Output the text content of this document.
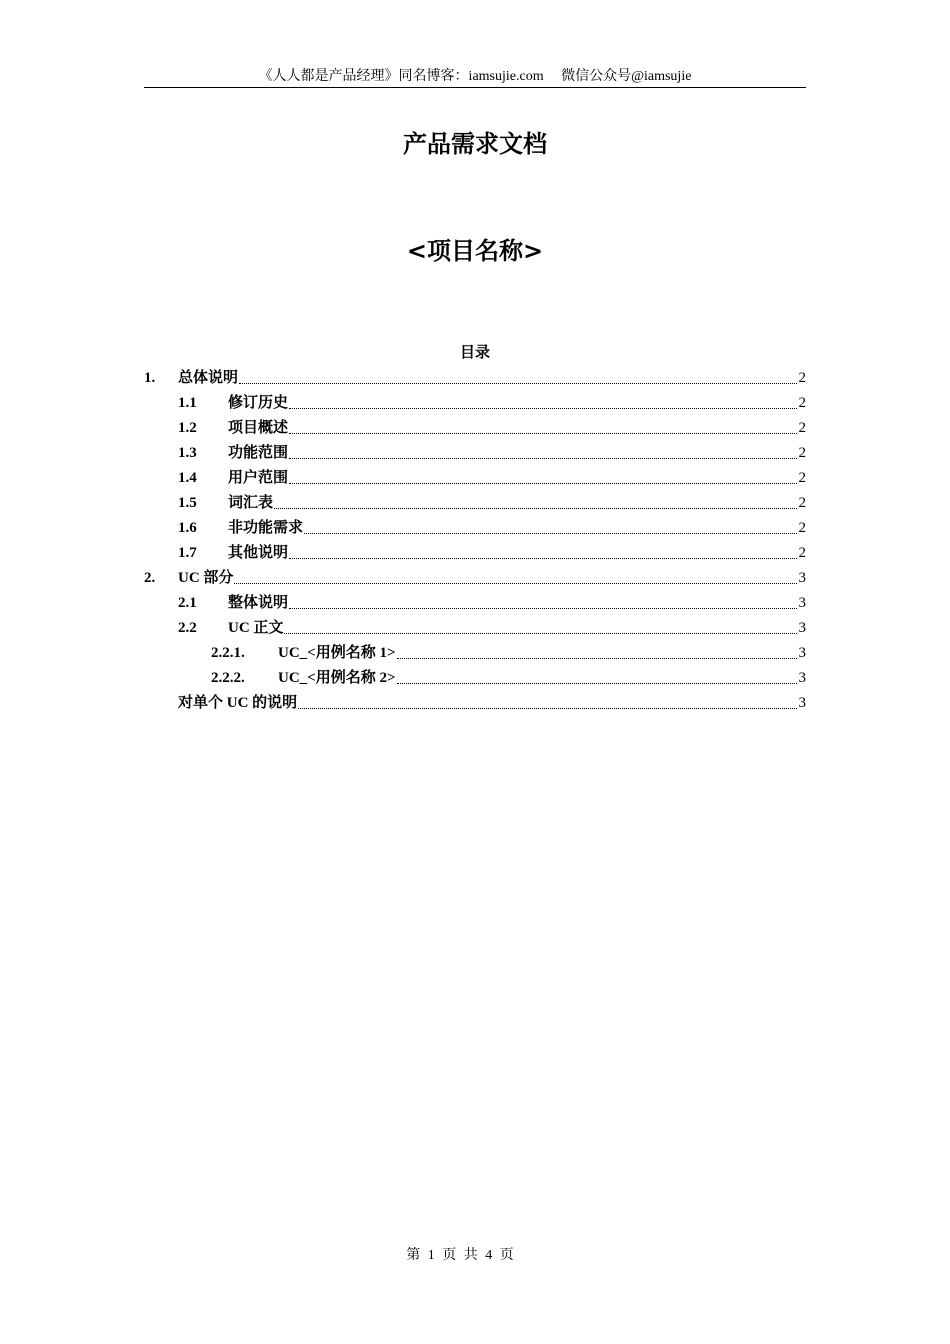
《人人都是产品经理》同名博客：iamsujie.com　 微信公众号@iamsujie
产品需求文档
<项目名称>
目录
1.	总体说明	2
1.1	修订历史	2
1.2	项目概述	2
1.3	功能范围	2
1.4	用户范围	2
1.5	词汇表	2
1.6	非功能需求	2
1.7	其他说明	2
2.	UC 部分	3
2.1	整体说明	3
2.2	UC 正文	3
2.2.1.	UC_<用例名称 1>	3
2.2.2.	UC_<用例名称 2>	3
对单个 UC 的说明	3
第 1 页 共 4 页
